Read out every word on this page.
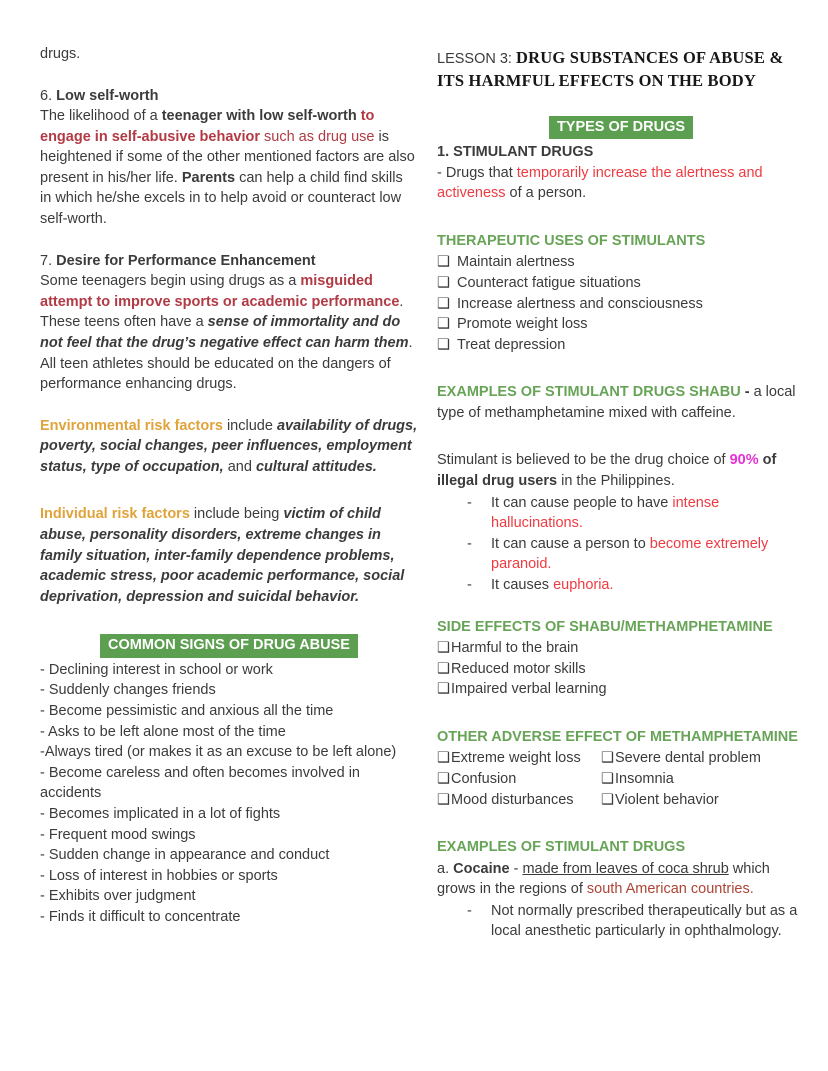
drugs.
6. Low self-worth
The likelihood of a teenager with low self-worth to engage in self-abusive behavior such as drug use is heightened if some of the other mentioned factors are also present in his/her life. Parents can help a child find skills in which he/she excels in to help avoid or counteract low self-worth.
7. Desire for Performance Enhancement
Some teenagers begin using drugs as a misguided attempt to improve sports or academic performance. These teens often have a sense of immortality and do not feel that the drug’s negative effect can harm them. All teen athletes should be educated on the dangers of performance enhancing drugs.
Environmental risk factors include availability of drugs, poverty, social changes, peer influences, employment status, type of occupation, and cultural attitudes.
Individual risk factors include being victim of child abuse, personality disorders, extreme changes in family situation, inter-family dependence problems, academic stress, poor academic performance, social deprivation, depression and suicidal behavior.
COMMON SIGNS OF DRUG ABUSE
- Declining interest in school or work
- Suddenly changes friends
- Become pessimistic and anxious all the time
- Asks to be left alone most of the time
-Always tired (or makes it as an excuse to be left alone)
- Become careless and often becomes involved in accidents
- Becomes implicated in a lot of fights
- Frequent mood swings
- Sudden change in appearance and conduct
- Loss of interest in hobbies or sports
- Exhibits over judgment
- Finds it difficult to concentrate
LESSON 3: DRUG SUBSTANCES OF ABUSE & ITS HARMFUL EFFECTS ON THE BODY
TYPES OF DRUGS
1. STIMULANT DRUGS
- Drugs that temporarily increase the alertness and activeness of a person.
THERAPEUTIC USES OF STIMULANTS
❑ Maintain alertness
❑ Counteract fatigue situations
❑ Increase alertness and consciousness
❑ Promote weight loss
❑ Treat depression
EXAMPLES OF STIMULANT DRUGS SHABU - a local type of methamphetamine mixed with caffeine.
Stimulant is believed to be the drug choice of 90% of illegal drug users in the Philippines.
-	It can cause people to have intense hallucinations.
-	It can cause a person to become extremely paranoid.
-	It causes euphoria.
SIDE EFFECTS OF SHABU/METHAMPHETAMINE
❑ Harmful to the brain
❑ Reduced motor skills
❑ Impaired verbal learning
OTHER ADVERSE EFFECT OF METHAMPHETAMINE
❑ Extreme weight loss ❑ Severe dental problem
❑ Confusion	❑ Insomnia
❑ Mood disturbances ❑ Violent behavior
EXAMPLES OF STIMULANT DRUGS
a. Cocaine - made from leaves of coca shrub which grows in the regions of south American countries.
-	Not normally prescribed therapeutically but as a local anesthetic particularly in ophthalmology.
